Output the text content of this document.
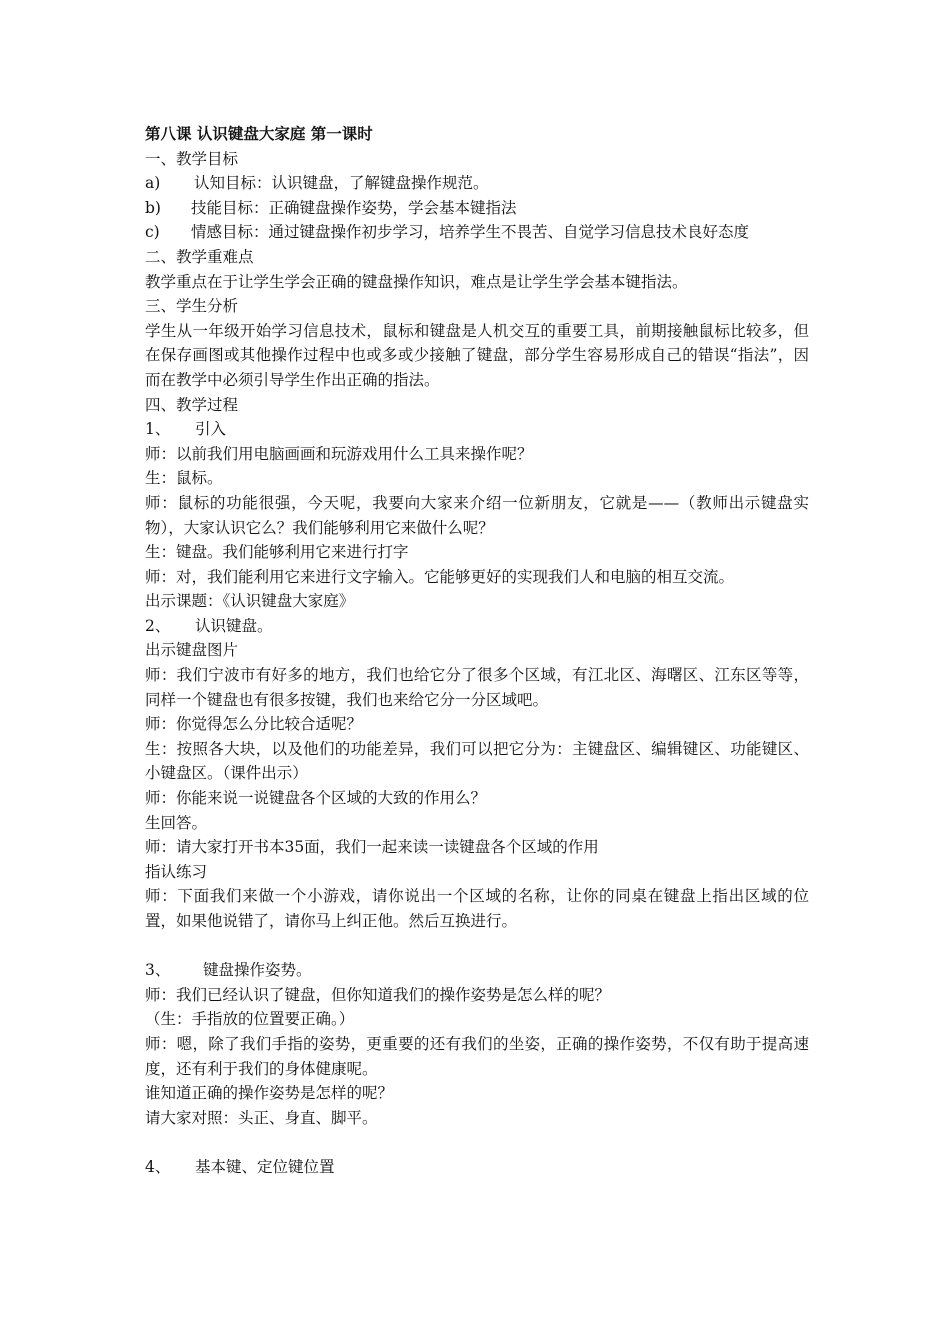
第八课 认识键盘大家庭 第一课时
一、教学目标
a)	认知目标：认识键盘，了解键盘操作规范。
b)	技能目标：正确键盘操作姿势，学会基本键指法
c)	情感目标：通过键盘操作初步学习，培养学生不畏苦、自觉学习信息技术良好态度
二、教学重难点
教学重点在于让学生学会正确的键盘操作知识，难点是让学生学会基本键指法。
三、学生分析
学生从一年级开始学习信息技术，鼠标和键盘是人机交互的重要工具，前期接触鼠标比较多，但在保存画图或其他操作过程中也或多或少接触了键盘，部分学生容易形成自己的错误“指法”，因而在教学中必须引导学生作出正确的指法。
四、教学过程
1、	引入
师：以前我们用电脑画画和玩游戏用什么工具来操作呢？
生：鼠标。
师：鼠标的功能很强，今天呢，我要向大家来介绍一位新朋友，它就是——（教师出示键盘实物），大家认识它么？我们能够利用它来做什么呢？
生：键盘。我们能够利用它来进行打字
师：对，我们能利用它来进行文字输入。它能够更好的实现我们人和电脑的相互交流。
出示课题：《认识键盘大家庭》
2、	认识键盘。
出示键盘图片
师：我们宁波市有好多的地方，我们也给它分了很多个区域，有江北区、海曙区、江东区等等，同样一个键盘也有很多按键，我们也来给它分一分区域吧。
师：你觉得怎么分比较合适呢？
生：按照各大块，以及他们的功能差异，我们可以把它分为：主键盘区、编辑键区、功能键区、小键盘区。（课件出示）
师：你能来说一说键盘各个区域的大致的作用么？
生回答。
师：请大家打开书本35面，我们一起来读一读键盘各个区域的作用
指认练习
师：下面我们来做一个小游戏，请你说出一个区域的名称，让你的同桌在键盘上指出区域的位置，如果他说错了，请你马上纠正他。然后互换进行。
3、	键盘操作姿势。
师：我们已经认识了键盘，但你知道我们的操作姿势是怎么样的呢？
（生：手指放的位置要正确。）
师：嗯，除了我们手指的姿势，更重要的还有我们的坐姿，正确的操作姿势，不仅有助于提高速度，还有利于我们的身体健康呢。
谁知道正确的操作姿势是怎样的呢？
请大家对照：头正、身直、脚平。
4、	基本键、定位键位置
